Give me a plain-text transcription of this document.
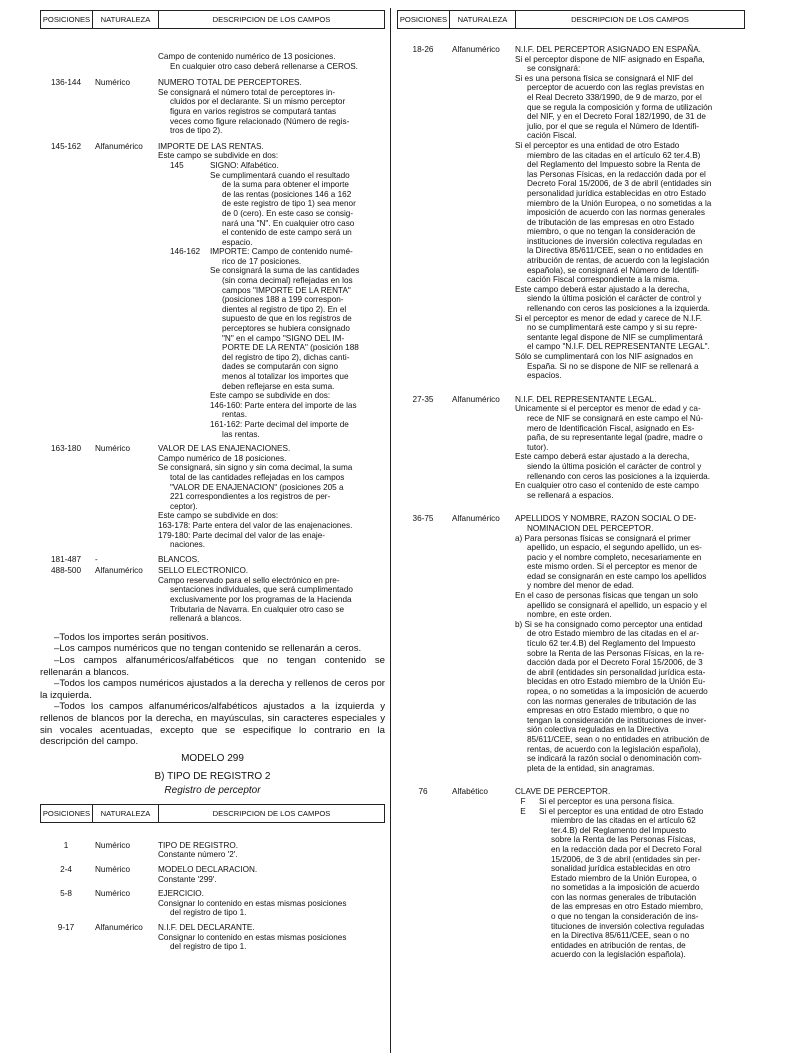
POSICIONES	NATURALEZA	DESCRIPCION DE LOS CAMPOS
Campo de contenido numérico de 13 posiciones.
En cualquier otro caso deberá rellenarse a CEROS.
136-144	Numérico	NUMERO TOTAL DE PERCEPTORES.
Se consignará el número total de perceptores in-
cluidos por el declarante. Si un mismo perceptor
figura en varios registros se computará tantas
veces como figure relacionado (Número de regis-
tros de tipo 2).
145-162	Alfanumérico	IMPORTE DE LAS RENTAS.
Este campo se subdivide en dos:
145	SIGNO: Alfabético.
Se cumplimentará cuando el resultado
de la suma para obtener el importe
de las rentas (posiciones 146 a 162
de este registro de tipo 1) sea menor
de 0 (cero). En este caso se consig-
nará una "N". En cualquier otro caso
el contenido de este campo será un
espacio.
146-162	IMPORTE: Campo de contenido numé-
rico de 17 posiciones.
Se consignará la suma de las cantidades
(sin coma decimal) reflejadas en los
campos "IMPORTE DE LA RENTA"
(posiciones 188 a 199 correspon-
dientes al registro de tipo 2). En el
supuesto de que en los registros de
perceptores se hubiera consignado
"N" en el campo "SIGNO DEL IM-
PORTE DE LA RENTA" (posición 188
del registro de tipo 2), dichas canti-
dades se computarán con signo
menos al totalizar los importes que
deben reflejarse en esta suma.
Este campo se subdivide en dos:
146-160: Parte entera del importe de las
rentas.
161-162: Parte decimal del importe de
las rentas.
163-180	Numérico	VALOR DE LAS ENAJENACIONES.
Campo numérico de 18 posiciones.
Se consignará, sin signo y sin coma decimal, la suma
total de las cantidades reflejadas en los campos
"VALOR DE ENAJENACION" (posiciones 205 a
221 correspondientes a los registros de per-
ceptor).
Este campo se subdivide en dos:
163-178: Parte entera del valor de las enajenaciones.
179-180: Parte decimal del valor de las enaje-
naciones.
181-487	-	BLANCOS.
488-500	Alfanumérico	SELLO ELECTRONICO.
Campo reservado para el sello electrónico en pre-
sentaciones individuales, que será cumplimentado
exclusivamente por los programas de la Hacienda
Tributaria de Navarra. En cualquier otro caso se
rellenará a blancos.

–Todos los importes serán positivos.

–Los campos numéricos que no tengan contenido se rellenarán a ceros.

–Los campos alfanuméricos/alfabéticos que no tengan contenido se rellenarán a blancos.

–Todos los campos numéricos ajustados a la derecha y rellenos de ceros por la izquierda.

–Todos los campos alfanuméricos/alfabéticos ajustados a la izquierda y rellenos de blancos por la derecha, en mayúsculas, sin caracteres especiales y sin vocales acentuadas, excepto que se especifique lo contrario en la descripción del campo.

MODELO 299
B) TIPO DE REGISTRO 2
Registro de perceptor
POSICIONES	NATURALEZA	DESCRIPCION DE LOS CAMPOS
1	Numérico	TIPO DE REGISTRO.
Constante número '2'.
2-4	Numérico	MODELO DECLARACION.
Constante '299'.
5-8	Numérico	EJERCICIO.
Consignar lo contenido en estas mismas posiciones
del registro de tipo 1.
9-17	Alfanumérico	N.I.F. DEL DECLARANTE.
Consignar lo contenido en estas mismas posiciones
del registro de tipo 1.
POSICIONES	NATURALEZA	DESCRIPCION DE LOS CAMPOS
18-26	Alfanumérico	N.I.F. DEL PERCEPTOR ASIGNADO EN ESPAÑA.
Si el perceptor dispone de NIF asignado en España,
se consignará:
Si es una persona física se consignará el NIF del
perceptor de acuerdo con las reglas previstas en
el Real Decreto 338/1990, de 9 de marzo, por el
que se regula la composición y forma de utilización
del NIF, y en el Decreto Foral 182/1990, de 31 de
julio, por el que se regula el Número de Identifi-
cación Fiscal.
Si el perceptor es una entidad de otro Estado
miembro de las citadas en el artículo 62 ter.4.B)
del Reglamento del Impuesto sobre la Renta de
las Personas Físicas, en la redacción dada por el
Decreto Foral 15/2006, de 3 de abril (entidades sin
personalidad jurídica establecidas en otro Estado
miembro de la Unión Europea, o no sometidas a la
imposición de acuerdo con las normas generales
de tributación de las empresas en otro Estado
miembro, o que no tengan la consideración de
instituciones de inversión colectiva reguladas en
la Directiva 85/611/CEE, sean o no entidades en
atribución de rentas, de acuerdo con la legislación
española), se consignará el Número de Identifi-
cación Fiscal correspondiente a la misma.
Este campo deberá estar ajustado a la derecha,
siendo la última posición el carácter de control y
rellenando con ceros las posiciones a la izquierda.
Si el perceptor es menor de edad y carece de N.I.F.
no se cumplimentará este campo y si su repre-
sentante legal dispone de NIF se cumplimentará
el campo "N.I.F. DEL REPRESENTANTE LEGAL".
Sólo se cumplimentará con los NIF asignados en
España. Si no se dispone de NIF se rellenará a
espacios.
27-35	Alfanumérico	N.I.F. DEL REPRESENTANTE LEGAL.
Unicamente si el perceptor es menor de edad y ca-
rece de NIF se consignará en este campo el Nú-
mero de Identificación Fiscal, asignado en Es-
paña, de su representante legal (padre, madre o
tutor).
Este campo deberá estar ajustado a la derecha,
siendo la última posición el carácter de control y
rellenando con ceros las posiciones a la izquierda.
En cualquier otro caso el contenido de este campo
se rellenará a espacios.
36-75	Alfanumérico	APELLIDOS Y NOMBRE, RAZON SOCIAL O DE-
NOMINACION DEL PERCEPTOR.
a) Para personas físicas se consignará el primer
apellido, un espacio, el segundo apellido, un es-
pacio y el nombre completo, necesariamente en
este mismo orden. Si el perceptor es menor de
edad se consignarán en este campo los apellidos
y nombre del menor de edad.
En el caso de personas físicas que tengan un solo
apellido se consignará el apellido, un espacio y el
nombre, en este orden.
b) Si se ha consignado como perceptor una entidad
de otro Estado miembro de las citadas en el ar-
tículo 62 ter.4.B) del Reglamento del Impuesto
sobre la Renta de las Personas Físicas, en la re-
dacción dada por el Decreto Foral 15/2006, de 3
de abril (entidades sin personalidad jurídica esta-
blecidas en otro Estado miembro de la Unión Eu-
ropea, o no sometidas a la imposición de acuerdo
con las normas generales de tributación de las
empresas en otro Estado miembro, o que no
tengan la consideración de instituciones de inver-
sión colectiva reguladas en la Directiva
85/611/CEE, sean o no entidades en atribución de
rentas, de acuerdo con la legislación española),
se indicará la razón social o denominación com-
pleta de la entidad, sin anagramas.
76	Alfabético	CLAVE DE PERCEPTOR.
F	Si el perceptor es una persona física.
E	Si el perceptor es una entidad de otro Estado
miembro de las citadas en el artículo 62
ter.4.B) del Reglamento del Impuesto
sobre la Renta de las Personas Físicas,
en la redacción dada por el Decreto Foral
15/2006, de 3 de abril (entidades sin per-
sonalidad jurídica establecidas en otro
Estado miembro de la Unión Europea, o
no sometidas a la imposición de acuerdo
con las normas generales de tributación
de las empresas en otro Estado miembro,
o que no tengan la consideración de ins-
tituciones de inversión colectiva reguladas
en la Directiva 85/611/CEE, sean o no
entidades en atribución de rentas, de
acuerdo con la legislación española).
